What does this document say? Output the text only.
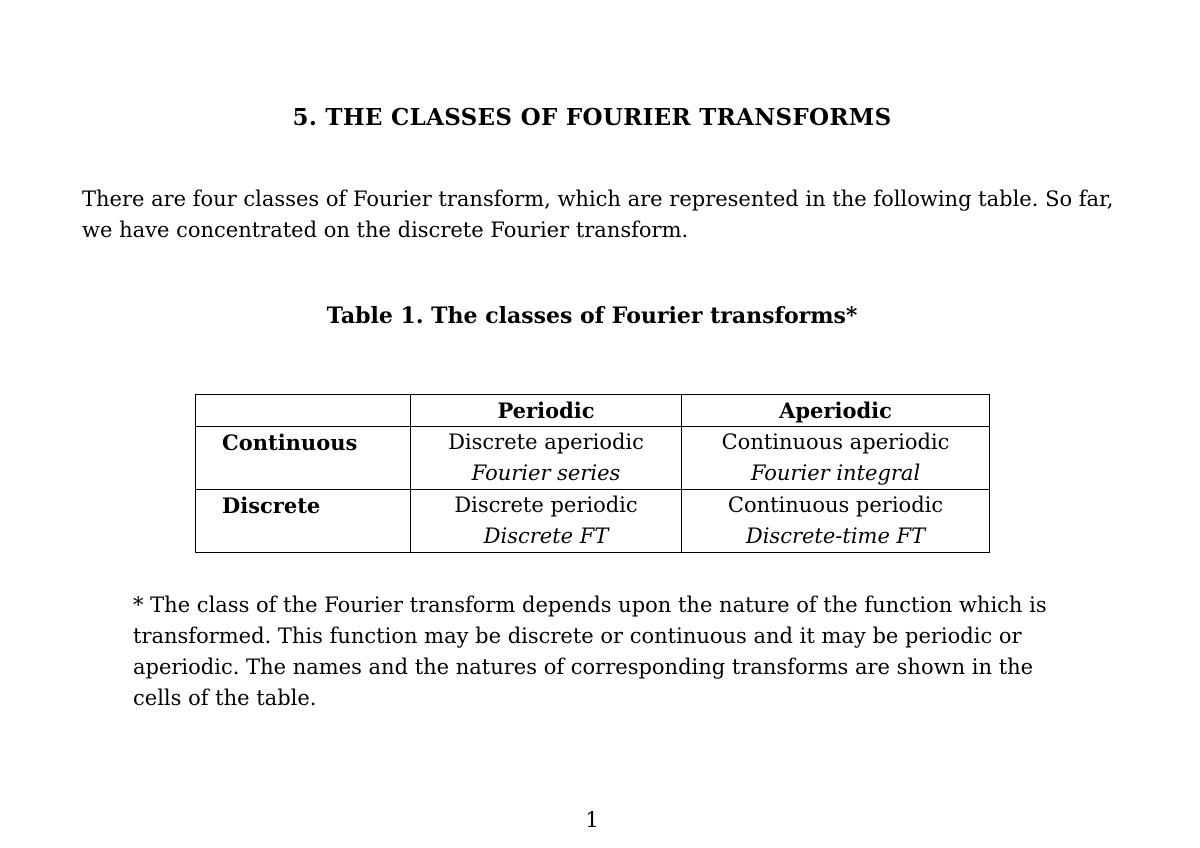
5. THE CLASSES OF FOURIER TRANSFORMS

There are four classes of Fourier transform, which are represented in the following table. So far, we have concentrated on the discrete Fourier transform.

Table 1. The classes of Fourier transforms*

	Periodic	Aperiodic
Continuous	Discrete aperiodic	Continuous aperiodic
	Fourier series	Fourier integral
Discrete	Discrete periodic	Continuous periodic
	Discrete FT	Discrete-time FT

* The class of the Fourier transform depends upon the nature of the function which is transformed. This function may be discrete or continuous and it may be periodic or aperiodic. The names and the natures of corresponding transforms are shown in the cells of the table.

1
